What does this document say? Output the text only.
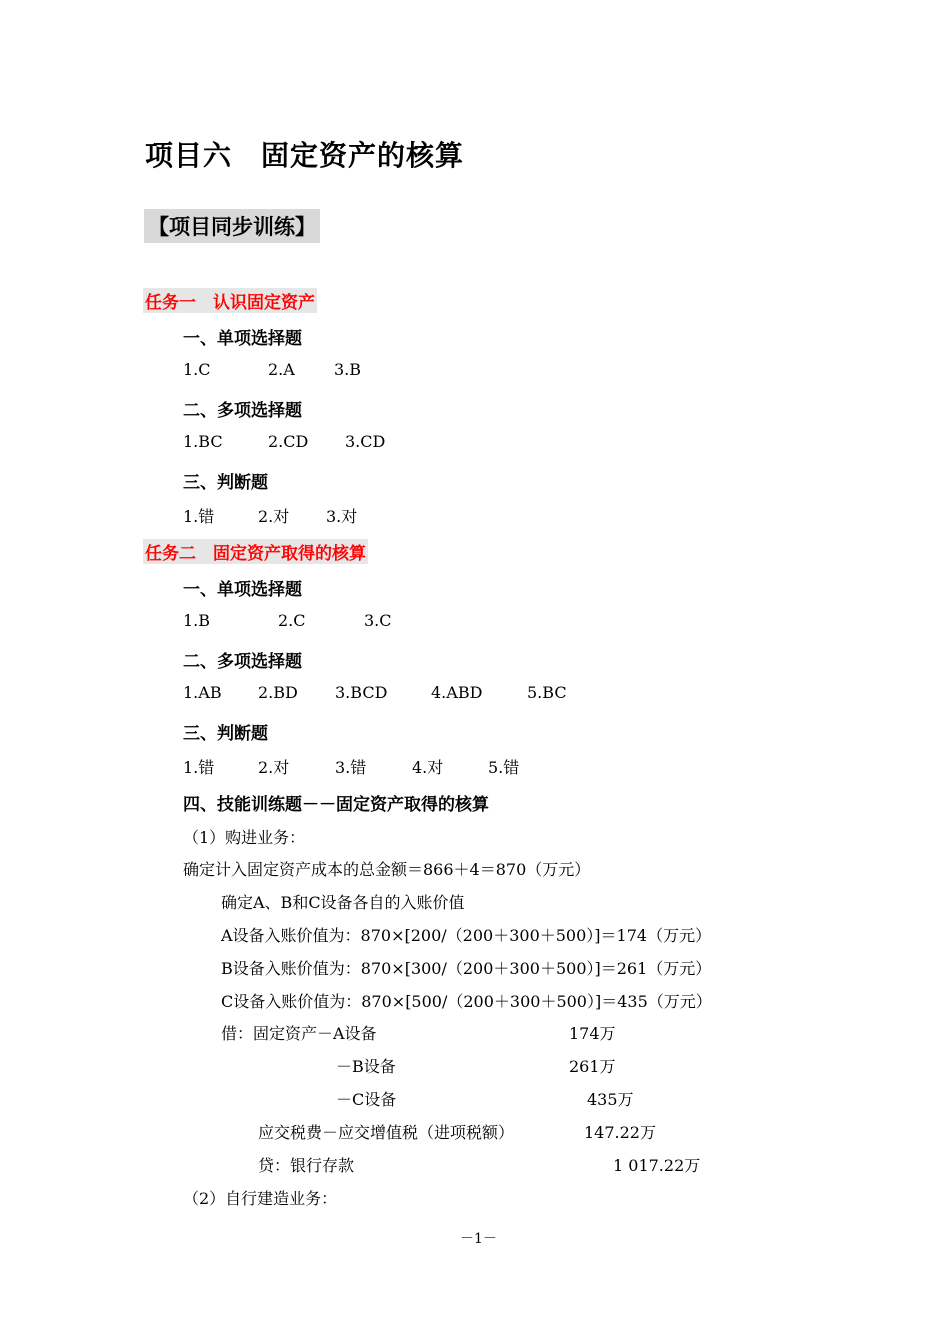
项目六　固定资产的核算
【项目同步训练】
任务一　认识固定资产
一、单项选择题
1.C	2.A 3.B
二、多项选择题
1.BC	2.CD 3.CD
三、判断题
1.错	2.对 3.对
任务二　固定资产取得的核算
一、单项选择题
1.B	2.C	3.C
二、多项选择题
1.AB 2.BD 3.BCD	4.ABD	5.BC
三、判断题
1.错	2.对	3.错	4.对	5.错
四、技能训练题－－固定资产取得的核算
（1）购进业务：
确定计入固定资产成本的总金额＝866＋4＝870（万元）
确定A、B和C设备各自的入账价值
A设备入账价值为：870×[200/（200＋300＋500）]＝174（万元）
B设备入账价值为：870×[300/（200＋300＋500）]＝261（万元）
C设备入账价值为：870×[500/（200＋300＋500）]＝435（万元）
借：固定资产－A设备	174万
－B设备	261万
－C设备	435万
应交税费－应交增值税（进项税额）	147.22万
贷：银行存款	1 017.22万
（2）自行建造业务：
－1－
